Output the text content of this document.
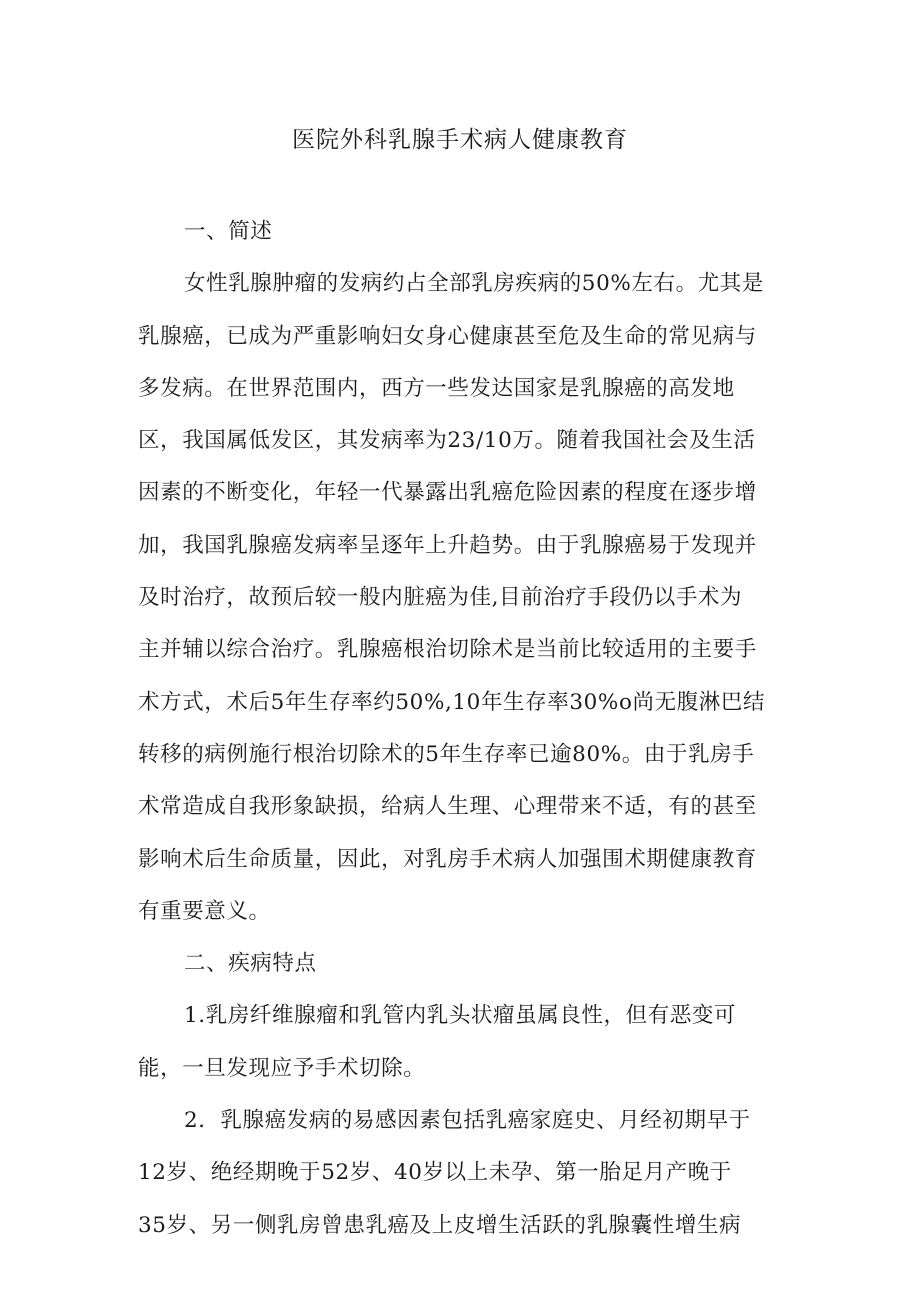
医院外科乳腺手术病人健康教育
一、简述
女性乳腺肿瘤的发病约占全部乳房疾病的50%左右。尤其是
乳腺癌，已成为严重影响妇女身心健康甚至危及生命的常见病与
多发病。在世界范围内，西方一些发达国家是乳腺癌的高发地
区，我国属低发区，其发病率为23/10万。随着我国社会及生活
因素的不断变化，年轻一代暴露出乳癌危险因素的程度在逐步增
加，我国乳腺癌发病率呈逐年上升趋势。由于乳腺癌易于发现并
及时治疗，故预后较一般内脏癌为佳,目前治疗手段仍以手术为
主并辅以综合治疗。乳腺癌根治切除术是当前比较适用的主要手
术方式，术后5年生存率约50%,10年生存率30%o尚无腹淋巴结
转移的病例施行根治切除术的5年生存率已逾80%。由于乳房手
术常造成自我形象缺损，给病人生理、心理带来不适，有的甚至
影响术后生命质量，因此，对乳房手术病人加强围术期健康教育
有重要意义。
二、疾病特点
1.乳房纤维腺瘤和乳管内乳头状瘤虽属良性，但有恶变可
能，一旦发现应予手术切除。
2．乳腺癌发病的易感因素包括乳癌家庭史、月经初期早于
12岁、绝经期晚于52岁、40岁以上未孕、第一胎足月产晚于
35岁、另一侧乳房曾患乳癌及上皮增生活跃的乳腺囊性增生病
